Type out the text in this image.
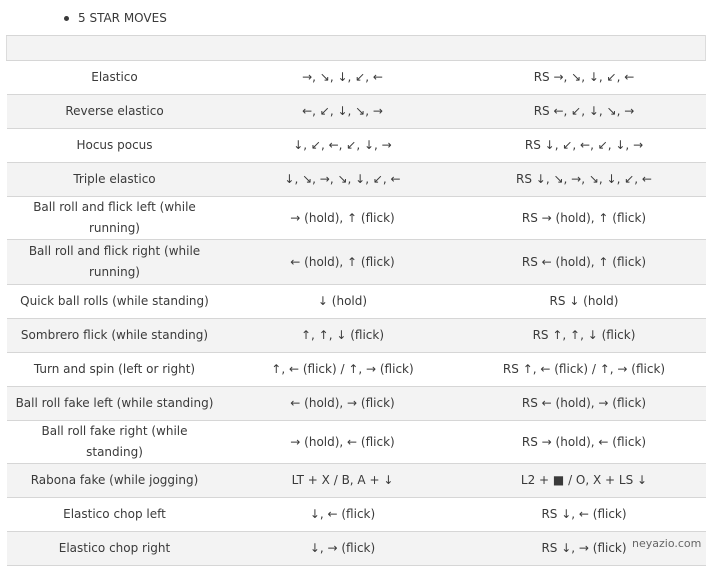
5 STAR MOVES

Elastico	→, ↘, ↓, ↙, ←	RS →, ↘, ↓, ↙, ←
Reverse elastico	←, ↙, ↓, ↘, →	RS ←, ↙, ↓, ↘, →
Hocus pocus	↓, ↙, ←, ↙, ↓, →	RS ↓, ↙, ←, ↙, ↓, →
Triple elastico	↓, ↘, →, ↘, ↓, ↙, ←	RS ↓, ↘, →, ↘, ↓, ↙, ←
Ball roll and flick left (while running)	→ (hold), ↑ (flick)	RS → (hold), ↑ (flick)
Ball roll and flick right (while running)	← (hold), ↑ (flick)	RS ← (hold), ↑ (flick)
Quick ball rolls (while standing)	↓ (hold)	RS ↓ (hold)
Sombrero flick (while standing)	↑, ↑, ↓ (flick)	RS ↑, ↑, ↓ (flick)
Turn and spin (left or right)	↑, ← (flick) / ↑, → (flick)	RS ↑, ← (flick) / ↑, → (flick)
Ball roll fake left (while standing)	← (hold), → (flick)	RS ← (hold), → (flick)
Ball roll fake right (while standing)	→ (hold), ← (flick)	RS → (hold), ← (flick)
Rabona fake (while jogging)	LT + X / B, A + ↓	L2 + ■ / O, X + LS ↓
Elastico chop left	↓, ← (flick)	RS ↓, ← (flick)
Elastico chop right	↓, → (flick)	RS ↓, → (flick) neyazio.com
